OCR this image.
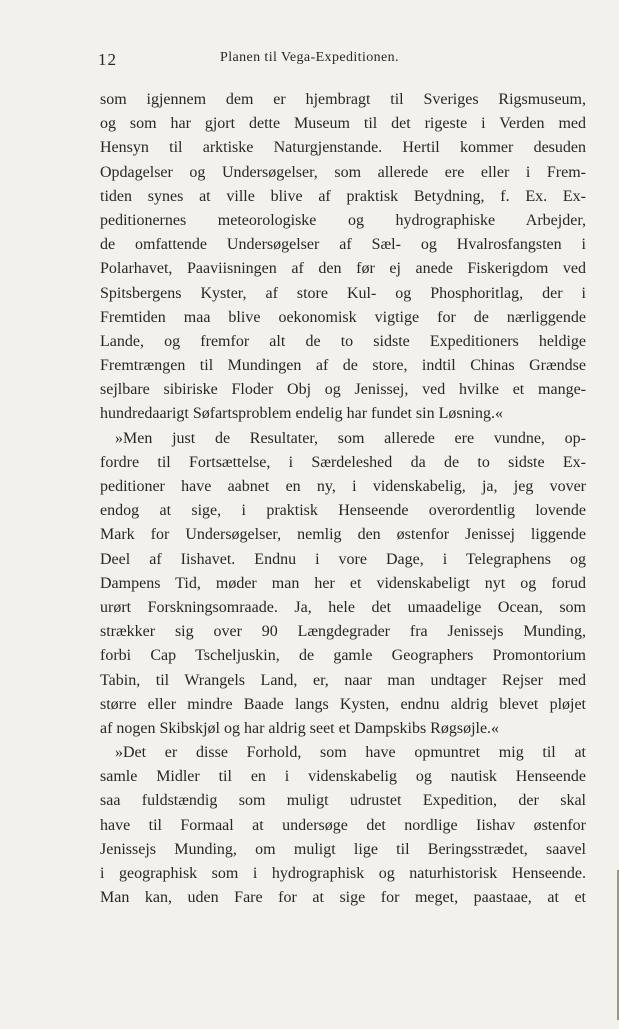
12	Planen til Vega-Expeditionen.
som igjennem dem er hjembragt til Sveriges Rigsmuseum,
og som har gjort dette Museum til det rigeste i Verden med
Hensyn til arktiske Naturgjenstande. Hertil kommer desuden
Opdagelser og Undersøgelser, som allerede ere eller i Frem-
tiden synes at ville blive af praktisk Betydning, f. Ex. Ex-
peditionernes meteorologiske og hydrographiske Arbejder,
de omfattende Undersøgelser af Sæl- og Hvalrosfangsten i
Polarhavet, Paaviisningen af den før ej anede Fiskerigdom ved
Spitsbergens Kyster, af store Kul- og Phosphoritlag, der i
Fremtiden maa blive oekonomisk vigtige for de nærliggende
Lande, og fremfor alt de to sidste Expeditioners heldige
Fremtrængen til Mundingen af de store, indtil Chinas Grændse
sejlbare sibiriske Floder Obj og Jenissej, ved hvilke et mange-
hundredaarigt Søfartsproblem endelig har fundet sin Løsning.«
»Men just de Resultater, som allerede ere vundne, op-
fordre til Fortsættelse, i Særdeleshed da de to sidste Ex-
peditioner have aabnet en ny, i videnskabelig, ja, jeg vover
endog at sige, i praktisk Henseende overordentlig lovende
Mark for Undersøgelser, nemlig den østenfor Jenissej liggende
Deel af Iishavet. Endnu i vore Dage, i Telegraphens og
Dampens Tid, møder man her et videnskabeligt nyt og forud
urørt Forskningsomraade. Ja, hele det umaadelige Ocean, som
strækker sig over 90 Længdegrader fra Jenissejs Munding,
forbi Cap Tscheljuskin, de gamle Geographers Promontorium
Tabin, til Wrangels Land, er, naar man undtager Rejser med
større eller mindre Baade langs Kysten, endnu aldrig blevet pløjet
af nogen Skibskjøl og har aldrig seet et Dampskibs Røgsøjle.«
»Det er disse Forhold, som have opmuntret mig til at
samle Midler til en i videnskabelig og nautisk Henseende
saa fuldstændig som muligt udrustet Expedition, der skal
have til Formaal at undersøge det nordlige Iishav østenfor
Jenissejs Munding, om muligt lige til Beringsstrædet, saavel
i geographisk som i hydrographisk og naturhistorisk Henseende.
Man kan, uden Fare for at sige for meget, paastaae, at et
